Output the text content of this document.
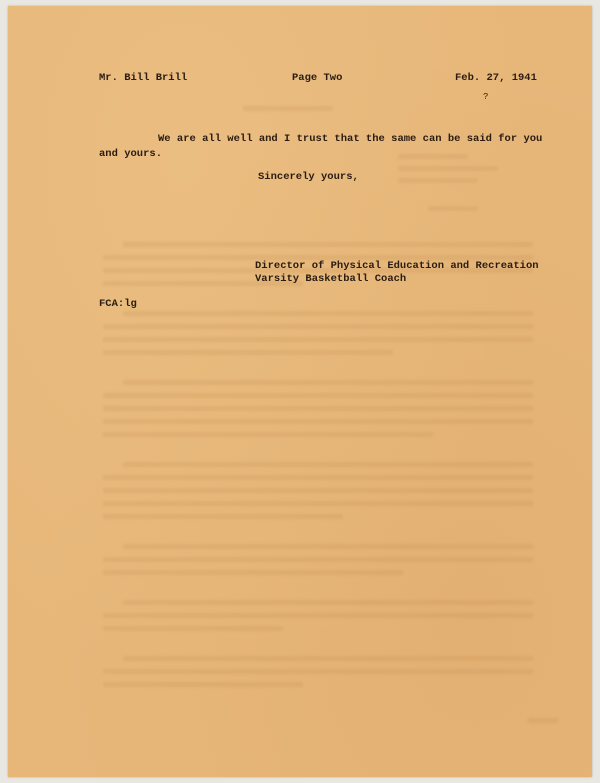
Mr. Bill Brill	Page Two	Feb. 27, 1941
?
We are all well and I trust that the same can be said for you
and yours.
Sincerely yours,
Director of Physical Education and Recreation
Varsity Basketball Coach
FCA:lg
